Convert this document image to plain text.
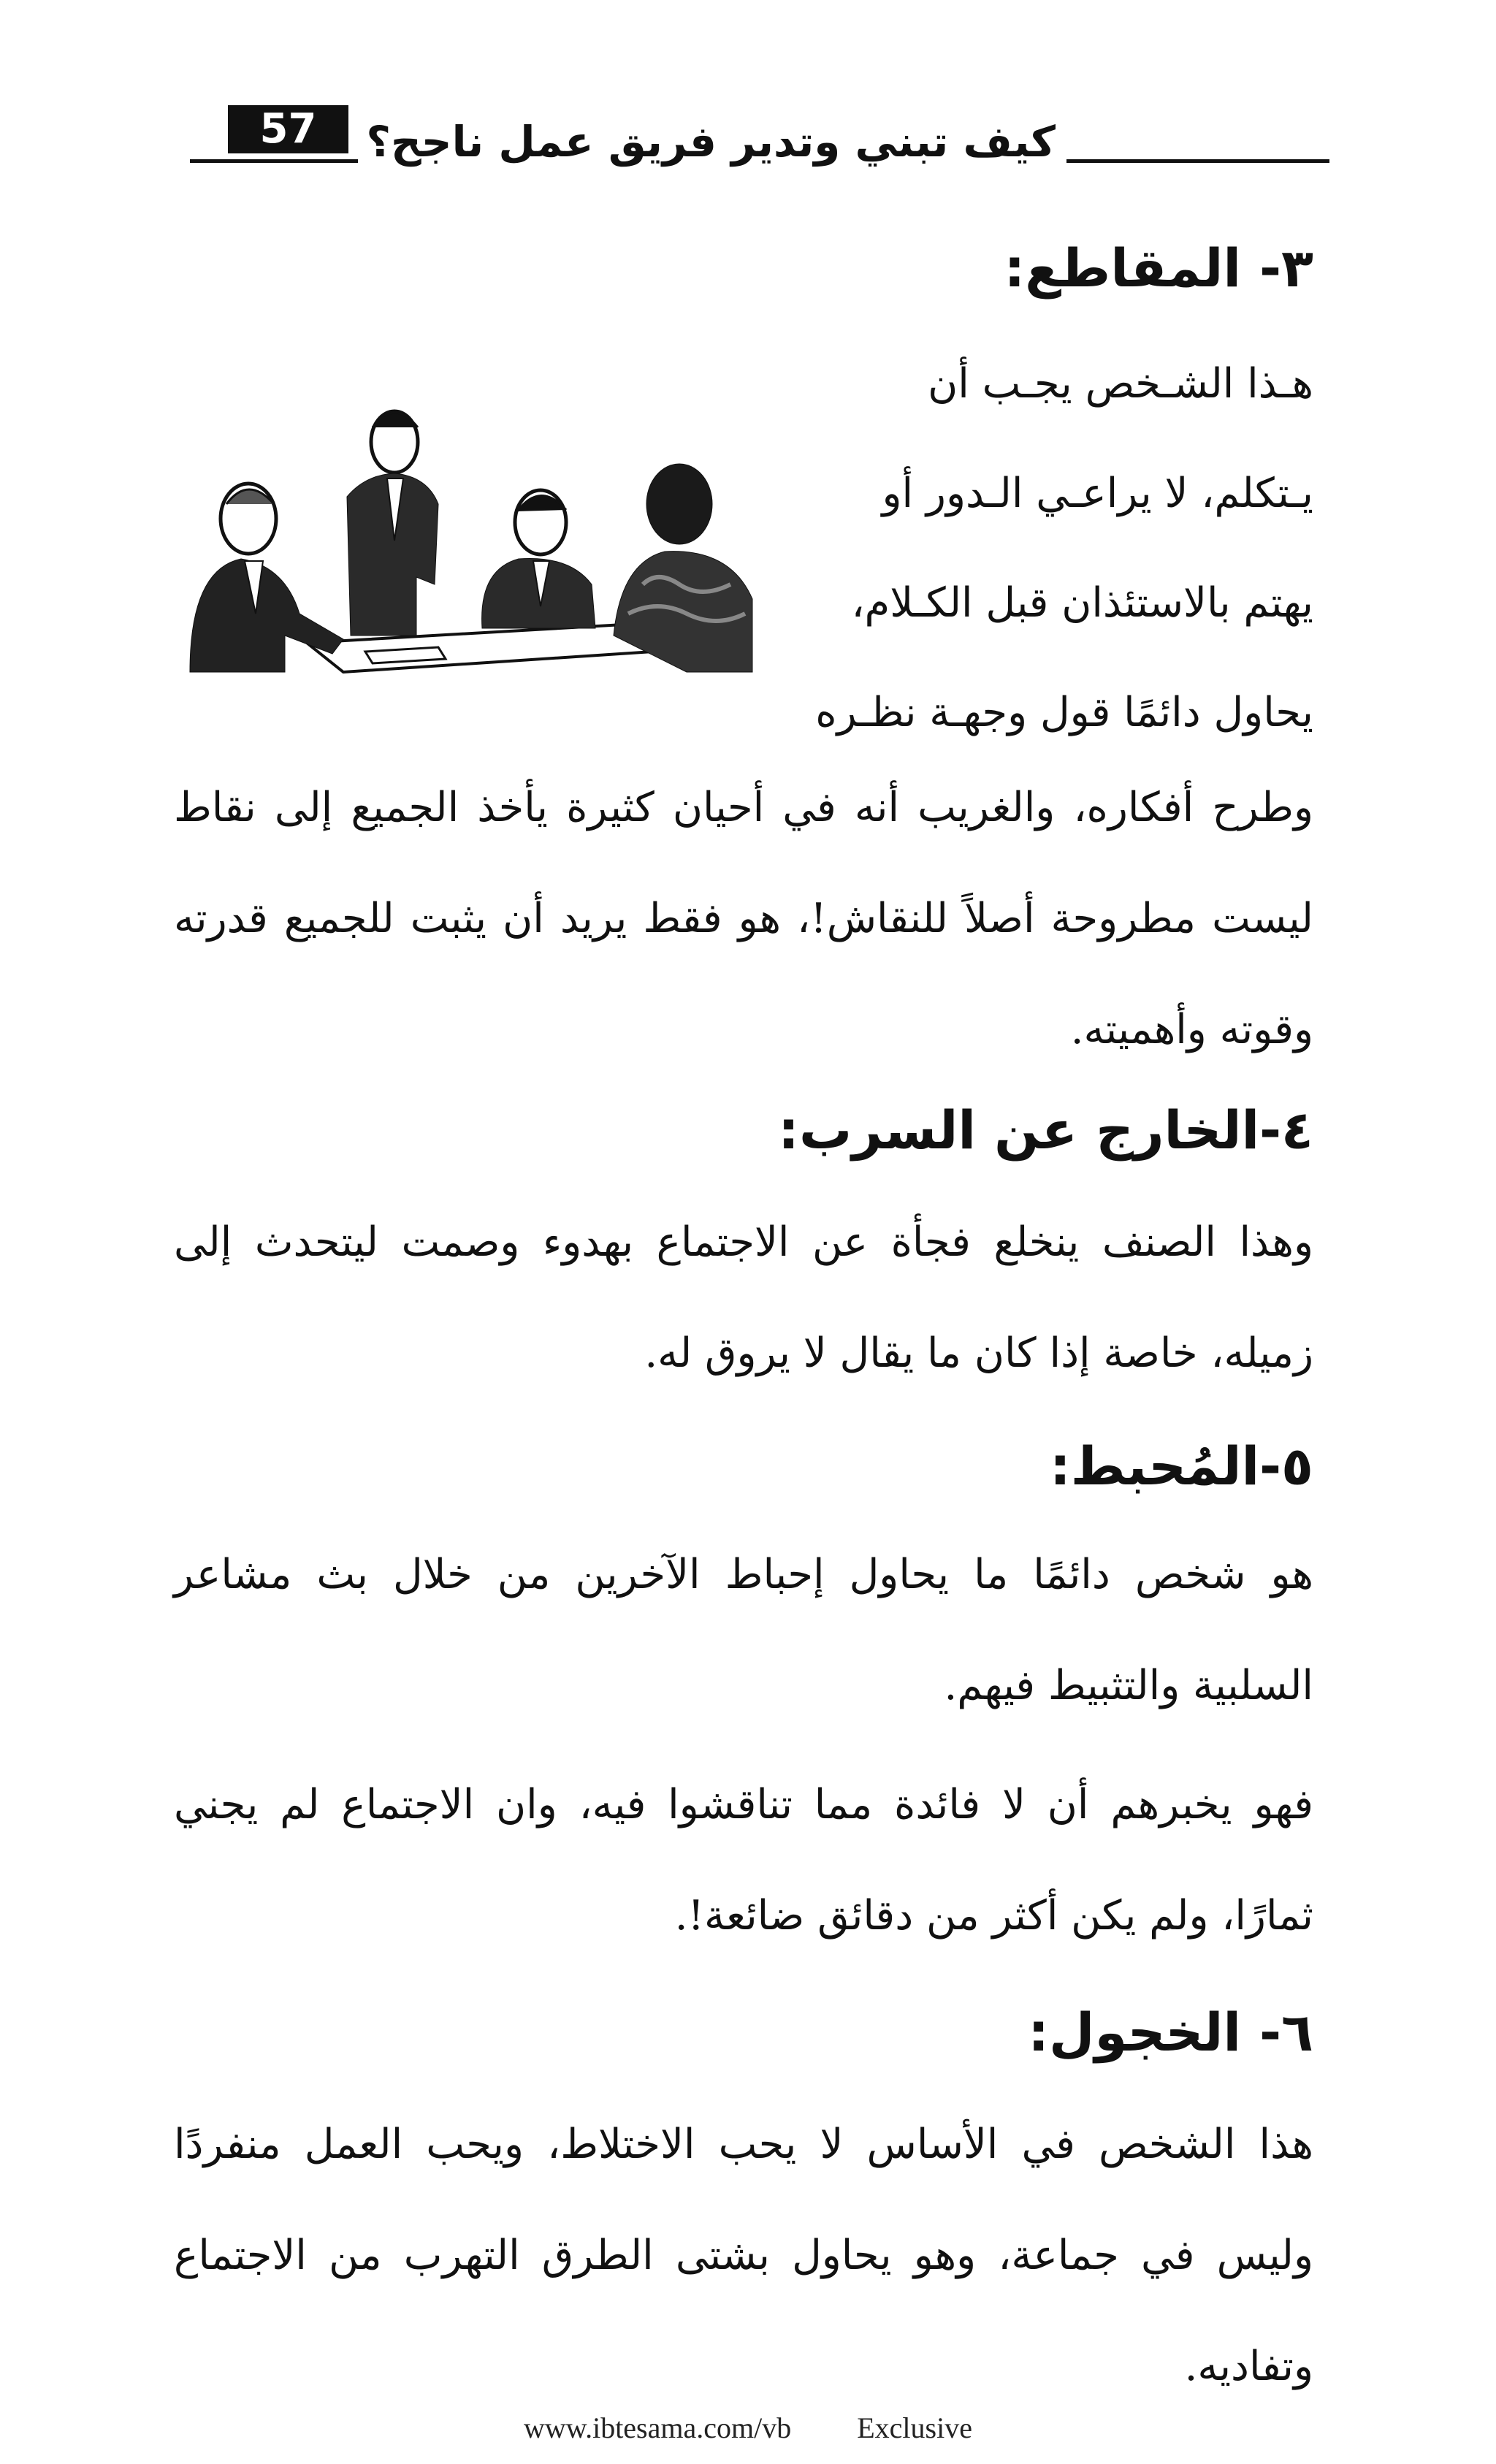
كيف تبني وتدير فريق عمل ناجح؟
57
٣- المقاطع:

هـذا الشـخص يجـب أن

يـتكلم، لا يراعـي الـدور أو

يهتم بالاستئذان قبل الكـلام،

يحاول دائمًا قول وجهـة نظـره

وطرح أفكاره، والغريب أنه في أحيان كثيرة يأخذ الجميع إلى نقاط ليست مطروحة أصلاً للنقاش!، هو فقط يريد أن يثبت للجميع قدرته وقوته وأهميته.

٤-الخارج عن السرب:

وهذا الصنف ينخلع فجأة عن الاجتماع بهدوء وصمت ليتحدث إلى زميله، خاصة إذا كان ما يقال لا يروق له.

٥-المُحبط:

هو شخص دائمًا ما يحاول إحباط الآخرين من خلال بث مشاعر السلبية والتثبيط فيهم.

فهو يخبرهم أن لا فائدة مما تناقشوا فيه، وان الاجتماع لم يجني ثمارًا، ولم يكن أكثر من دقائق ضائعة!.

٦- الخجول:

هذا الشخص في الأساس لا يحب الاختلاط، ويحب العمل منفردًا وليس في جماعة، وهو يحاول بشتى الطرق التهرب من الاجتماع وتفاديه.

www.ibtesama.com/vb Exclusive
